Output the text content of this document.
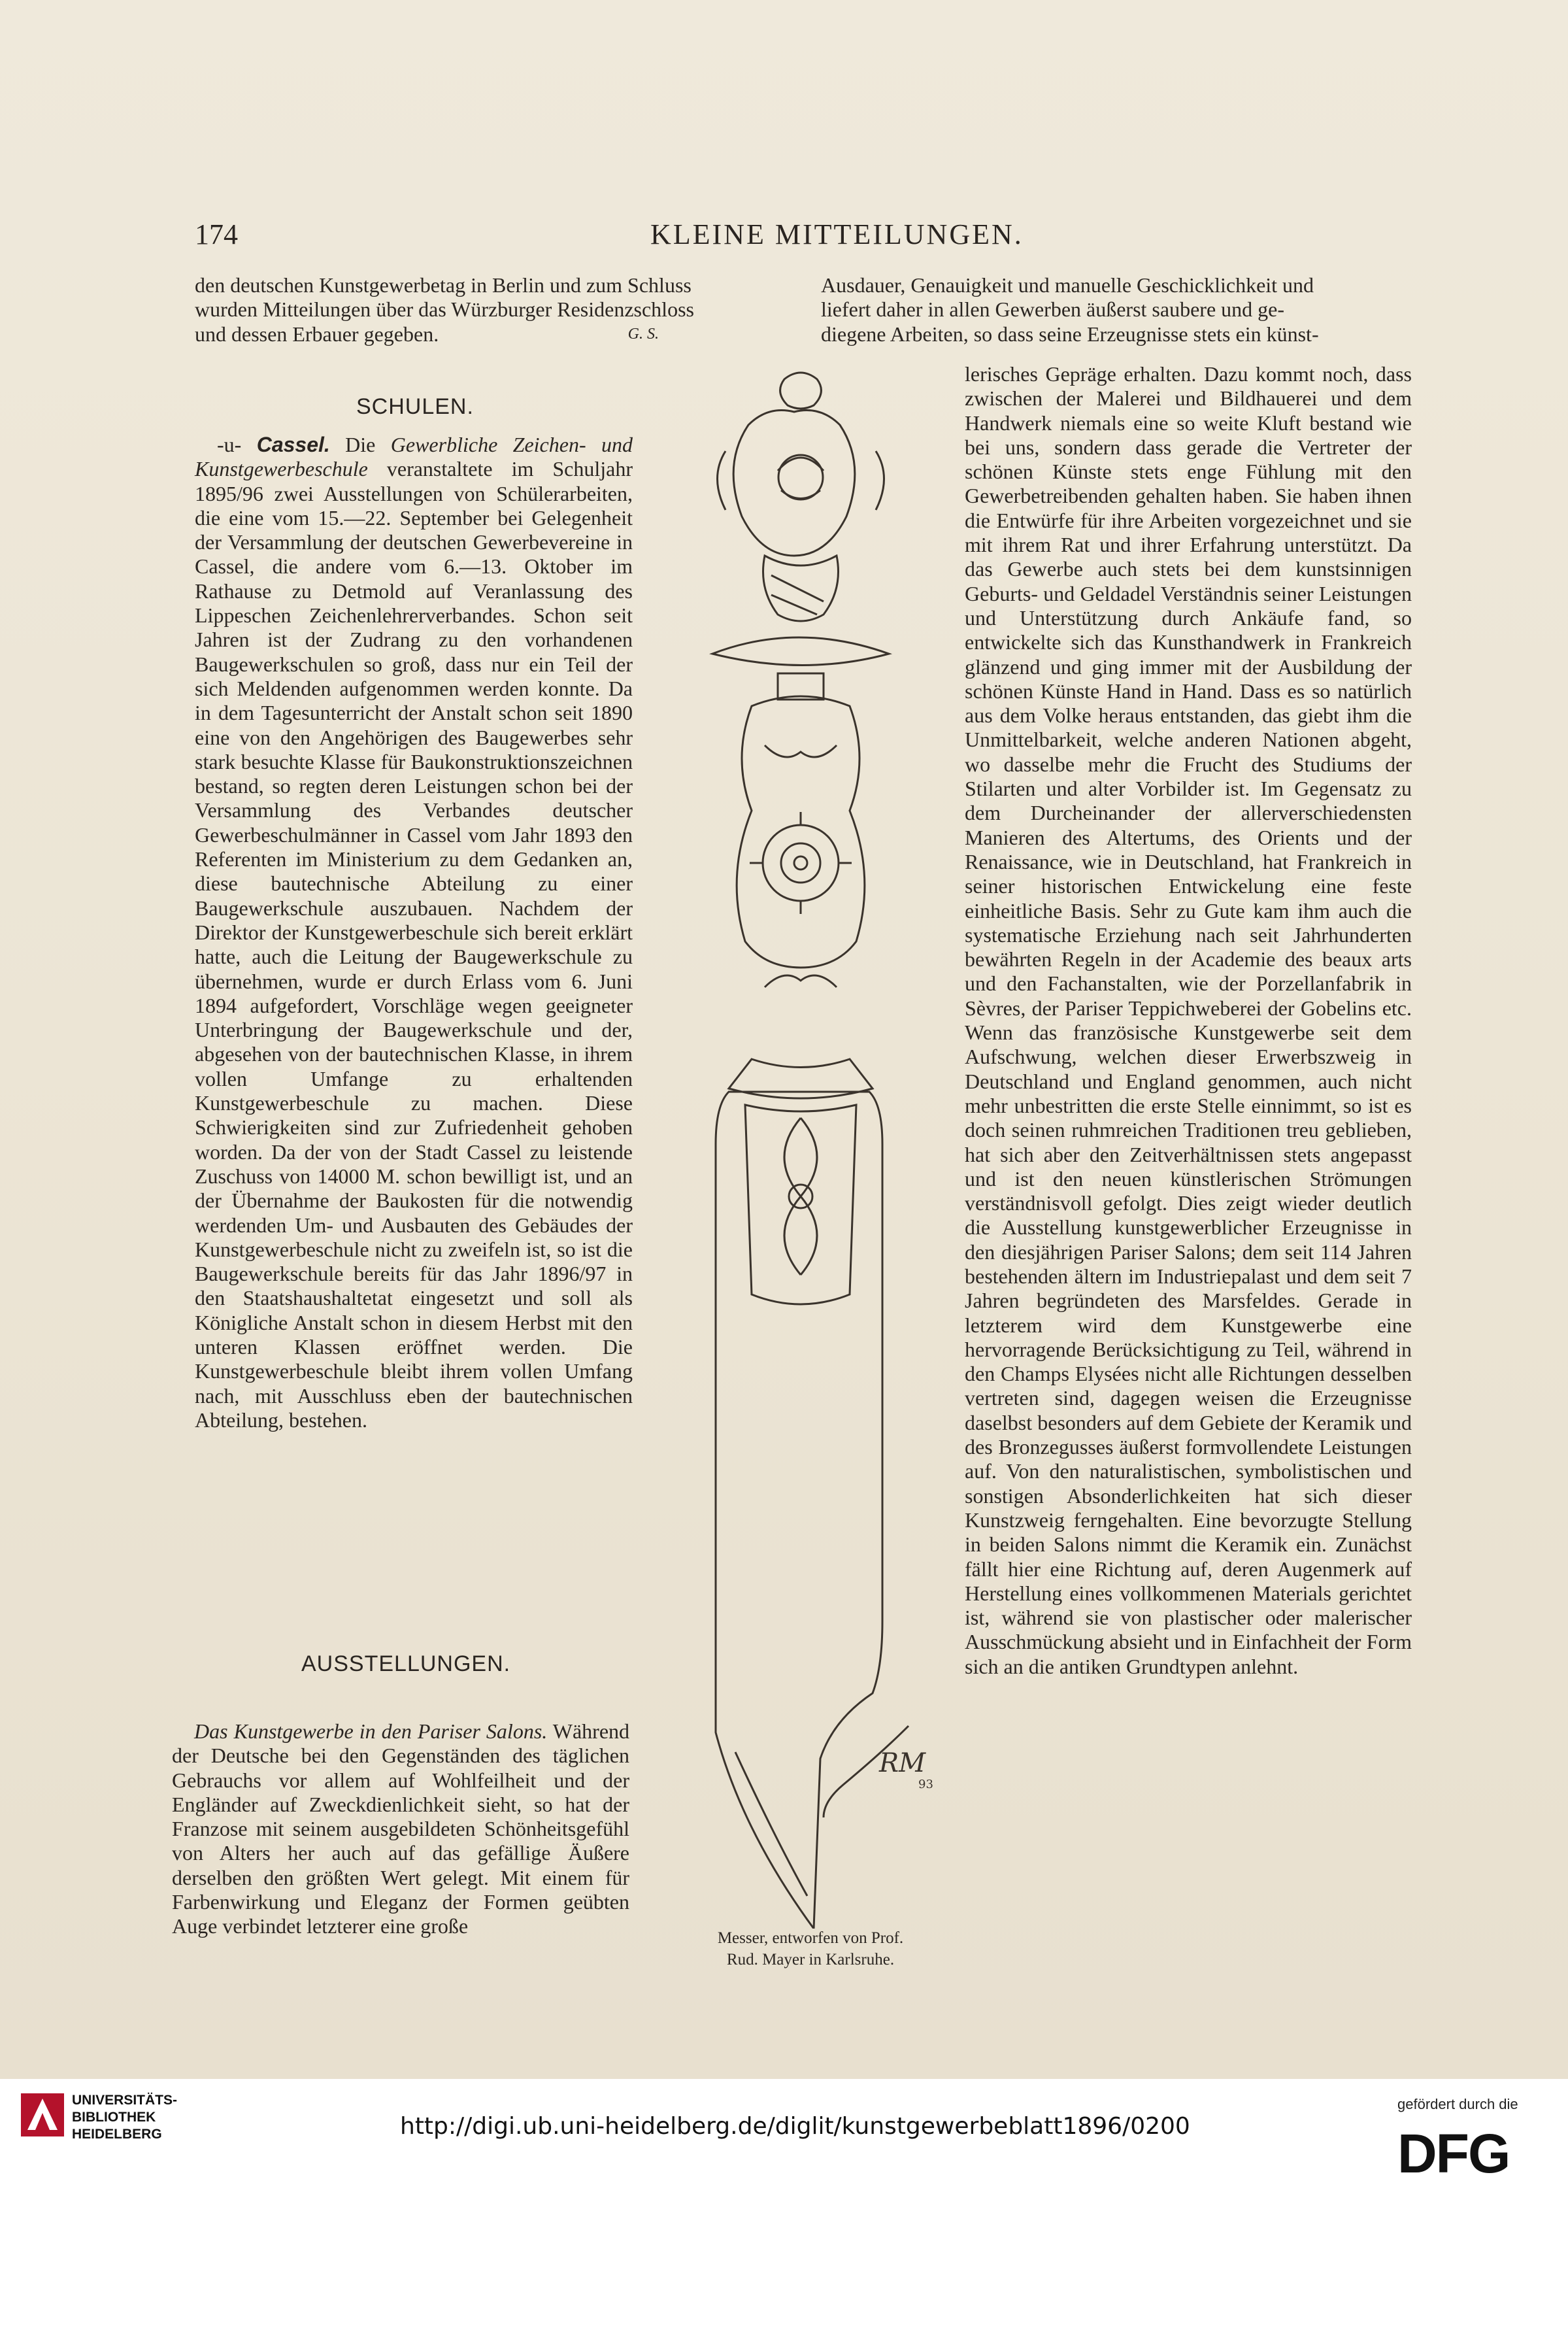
174	KLEINE MITTEILUNGEN.
den deutschen Kunstgewerbetag in Berlin und zum Schluss
wurden Mitteilungen über das Würzburger Residenzschloss
und dessen Erbauer gegeben.	G. S.
Ausdauer, Genauigkeit und manuelle Geschicklichkeit und
liefert daher in allen Gewerben äußerst saubere und ge-
diegene Arbeiten, so dass seine Erzeugnisse stets ein künst-
SCHULEN.

-u- Cassel. Die Gewerbliche Zeichen- und Kunstgewerbeschule veranstaltete im Schuljahr 1895/96 zwei Ausstellungen von Schülerarbeiten, die eine vom 15.—22. September bei Gelegenheit der Versammlung der deutschen Gewerbevereine in Cassel, die andere vom 6.—13. Oktober im Rathause zu Detmold auf Veranlassung des Lippeschen Zeichenlehrerverbandes. Schon seit Jahren ist der Zudrang zu den vorhandenen Baugewerkschulen so groß, dass nur ein Teil der sich Meldenden aufgenommen werden konnte. Da in dem Tagesunterricht der Anstalt schon seit 1890 eine von den Angehörigen des Baugewerbes sehr stark besuchte Klasse für Baukonstruktionszeichnen bestand, so regten deren Leistungen schon bei der Versammlung des Verbandes deutscher Gewerbeschulmänner in Cassel vom Jahr 1893 den Referenten im Ministerium zu dem Gedanken an, diese bautechnische Abteilung zu einer Baugewerkschule auszubauen. Nachdem der Direktor der Kunstgewerbeschule sich bereit erklärt hatte, auch die Leitung der Baugewerkschule zu übernehmen, wurde er durch Erlass vom 6. Juni 1894 aufgefordert, Vorschläge wegen geeigneter Unterbringung der Baugewerkschule und der, abgesehen von der bautechnischen Klasse, in ihrem vollen Umfange zu erhaltenden Kunstgewerbeschule zu machen. Diese Schwierigkeiten sind zur Zufriedenheit gehoben worden. Da der von der Stadt Cassel zu leistende Zuschuss von 14000 M. schon bewilligt ist, und an der Übernahme der Baukosten für die notwendig werdenden Um- und Ausbauten des Gebäudes der Kunstgewerbeschule nicht zu zweifeln ist, so ist die Baugewerkschule bereits für das Jahr 1896/97 in den Staatshaushaltetat eingesetzt und soll als Königliche Anstalt schon in diesem Herbst mit den unteren Klassen eröffnet werden. Die Kunstgewerbeschule bleibt ihrem vollen Umfang nach, mit Ausschluss eben der bautechnischen Abteilung, bestehen.

AUSSTELLUNGEN.

Das Kunstgewerbe in den Pariser Salons. Während der Deutsche bei den Gegenständen des täglichen Gebrauchs vor allem auf Wohlfeilheit und der Engländer auf Zweckdienlichkeit sieht, so hat der Franzose mit seinem ausgebildeten Schönheitsgefühl von Alters her auch auf das gefällige Äußere derselben den größten Wert gelegt. Mit einem für Farbenwirkung und Eleganz der Formen geübten Auge verbindet letzterer eine große

lerisches Gepräge erhalten. Dazu kommt noch, dass zwischen der Malerei und Bildhauerei und dem Handwerk niemals eine so weite Kluft bestand wie bei uns, sondern dass gerade die Vertreter der schönen Künste stets enge Fühlung mit den Gewerbetreibenden gehalten haben. Sie haben ihnen die Entwürfe für ihre Arbeiten vorgezeichnet und sie mit ihrem Rat und ihrer Erfahrung unterstützt. Da das Gewerbe auch stets bei dem kunstsinnigen Geburts- und Geldadel Verständnis seiner Leistungen und Unterstützung durch Ankäufe fand, so entwickelte sich das Kunsthandwerk in Frankreich glänzend und ging immer mit der Ausbildung der schönen Künste Hand in Hand. Dass es so natürlich aus dem Volke heraus entstanden, das giebt ihm die Unmittelbarkeit, welche anderen Nationen abgeht, wo dasselbe mehr die Frucht des Studiums der Stilarten und alter Vorbilder ist. Im Gegensatz zu dem Durcheinander der allerverschiedensten Manieren des Altertums, des Orients und der Renaissance, wie in Deutschland, hat Frankreich in seiner historischen Entwickelung eine feste einheitliche Basis. Sehr zu Gute kam ihm auch die systematische Erziehung nach seit Jahrhunderten bewährten Regeln in der Academie des beaux arts und den Fachanstalten, wie der Porzellanfabrik in Sèvres, der Pariser Teppichweberei der Gobelins etc. Wenn das französische Kunstgewerbe seit dem Aufschwung, welchen dieser Erwerbszweig in Deutschland und England genommen, auch nicht mehr unbestritten die erste Stelle einnimmt, so ist es doch seinen ruhmreichen Traditionen treu geblieben, hat sich aber den Zeitverhältnissen stets angepasst und ist den neuen künstlerischen Strömungen verständnisvoll gefolgt. Dies zeigt wieder deutlich die Ausstellung kunstgewerblicher Erzeugnisse in den diesjährigen Pariser Salons; dem seit 114 Jahren bestehenden ältern im Industriepalast und dem seit 7 Jahren begründeten des Marsfeldes. Gerade in letzterem wird dem Kunstgewerbe eine hervorragende Berücksichtigung zu Teil, während in den Champs Elysées nicht alle Richtungen desselben vertreten sind, dagegen weisen die Erzeugnisse daselbst besonders auf dem Gebiete der Keramik und des Bronzegusses äußerst formvollendete Leistungen auf. Von den naturalistischen, symbolistischen und sonstigen Absonderlichkeiten hat sich dieser Kunstzweig ferngehalten. Eine bevorzugte Stellung in beiden Salons nimmt die Keramik ein. Zunächst fällt hier eine Richtung auf, deren Augenmerk auf Herstellung eines vollkommenen Materials gerichtet ist, während sie von plastischer oder malerischer Ausschmückung absieht und in Einfachheit der Form sich an die antiken Grundtypen anlehnt.

RM
93
Messer, entworfen von Prof.
Rud. Mayer in Karlsruhe.
UNIVERSITÄTS-
BIBLIOTHEK
HEIDELBERG	http://digi.ub.uni-heidelberg.de/diglit/kunstgewerbeblatt1896/0200
gefördert durch die
DFG
